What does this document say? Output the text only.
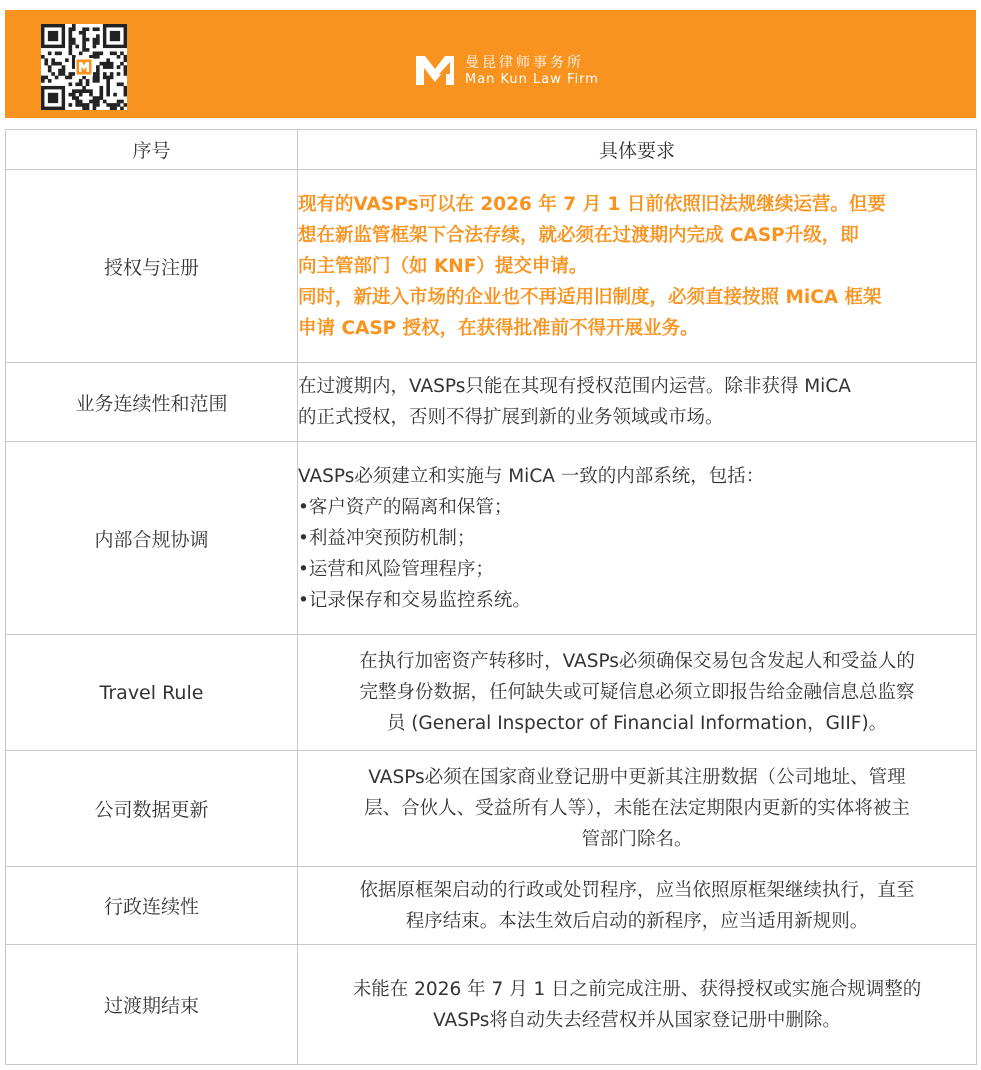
曼昆律师事务所
Man Kun Law Firm
序号	具体要求
授权与注册	现有的VASPs可以在 2026 年 7 月 1 日前依照旧法规继续运营。但要
想在新监管框架下合法存续，就必须在过渡期内完成 CASP升级，即
向主管部门（如 KNF）提交申请。
同时，新进入市场的企业也不再适用旧制度，必须直接按照 MiCA 框架
申请 CASP 授权，在获得批准前不得开展业务。

业务连续性和范围	在过渡期内，VASPs只能在其现有授权范围内运营。除非获得 MiCA
的正式授权，否则不得扩展到新的业务领域或市场。

内部合规协调	VASPs必须建立和实施与 MiCA 一致的内部系统，包括：
•客户资产的隔离和保管；
•利益冲突预防机制；
•运营和风险管理程序；
•记录保存和交易监控系统。

Travel Rule	在执行加密资产转移时，VASPs必须确保交易包含发起人和受益人的
完整身份数据，任何缺失或可疑信息必须立即报告给金融信息总监察
员 (General Inspector of Financial Information，GIIF)。

公司数据更新	VASPs必须在国家商业登记册中更新其注册数据（公司地址、管理
层、合伙人、受益所有人等），未能在法定期限内更新的实体将被主
管部门除名。

行政连续性	依据原框架启动的行政或处罚程序，应当依照原框架继续执行，直至
程序结束。本法生效后启动的新程序，应当适用新规则。

过渡期结束	未能在 2026 年 7 月 1 日之前完成注册、获得授权或实施合规调整的
VASPs将自动失去经营权并从国家登记册中删除。
